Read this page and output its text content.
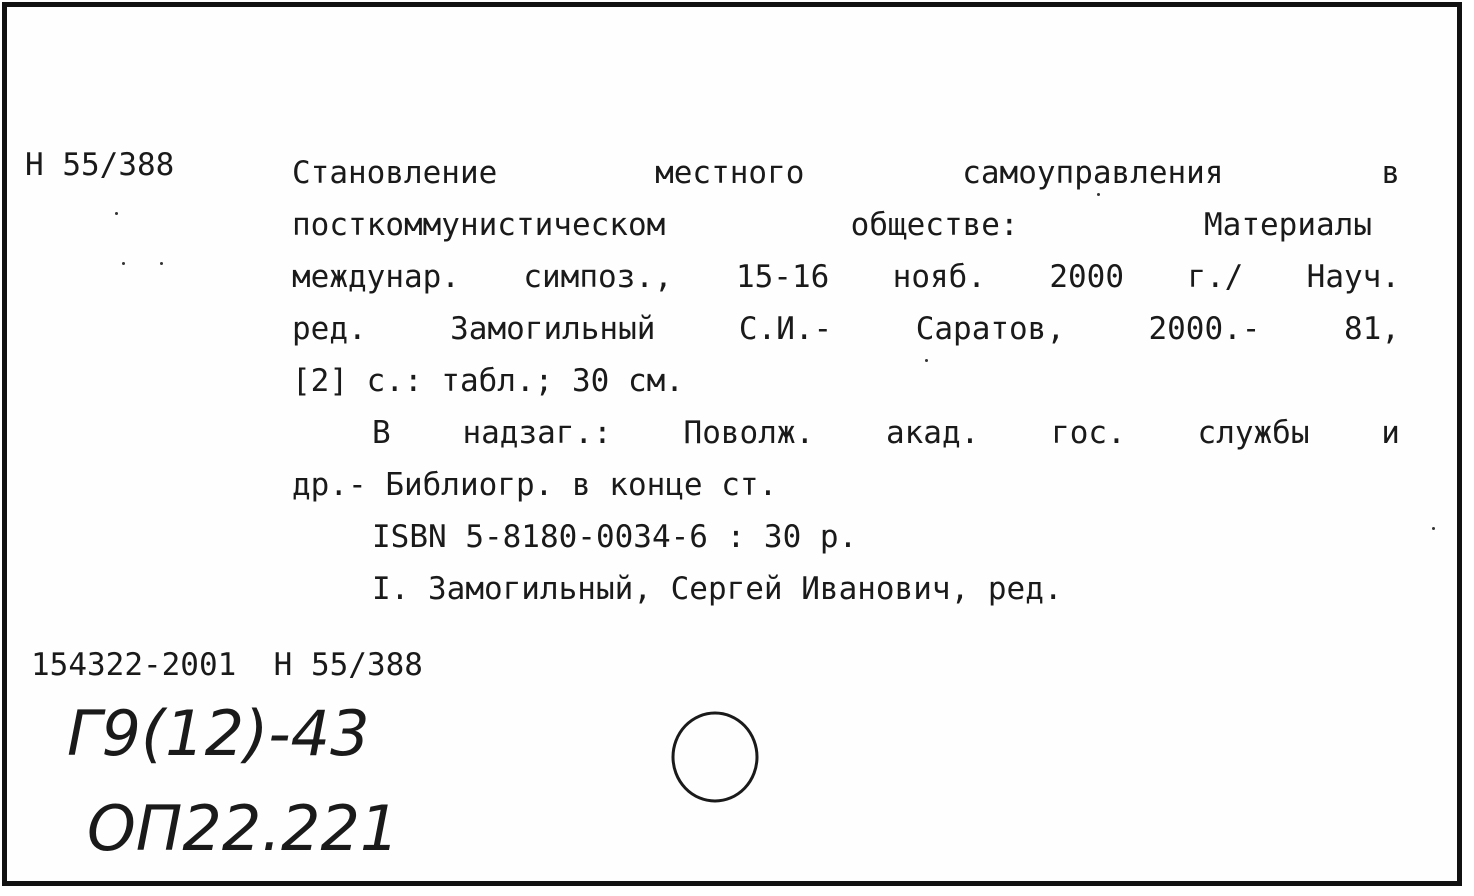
Н 55/388	Становление	местного	самоуправления	в
посткоммунистическом	обществе:	Материалы
междунар. симпоз., 15-16 нояб. 2000 г./ Науч.
ред.	Замогильный	С.И.-	Саратов,	2000.-	81,
[2] с.: табл.; 30 см.
В надзаг.: Поволж. акад. гос. службы и
др.- Библиогр. в конце ст.
ISBN 5-8180-0034-6 : 30 р.
I. Замогильный, Сергей Иванович, ред.
154322-2001  Н 55/388
Г9(12)-43
ОП22.221
